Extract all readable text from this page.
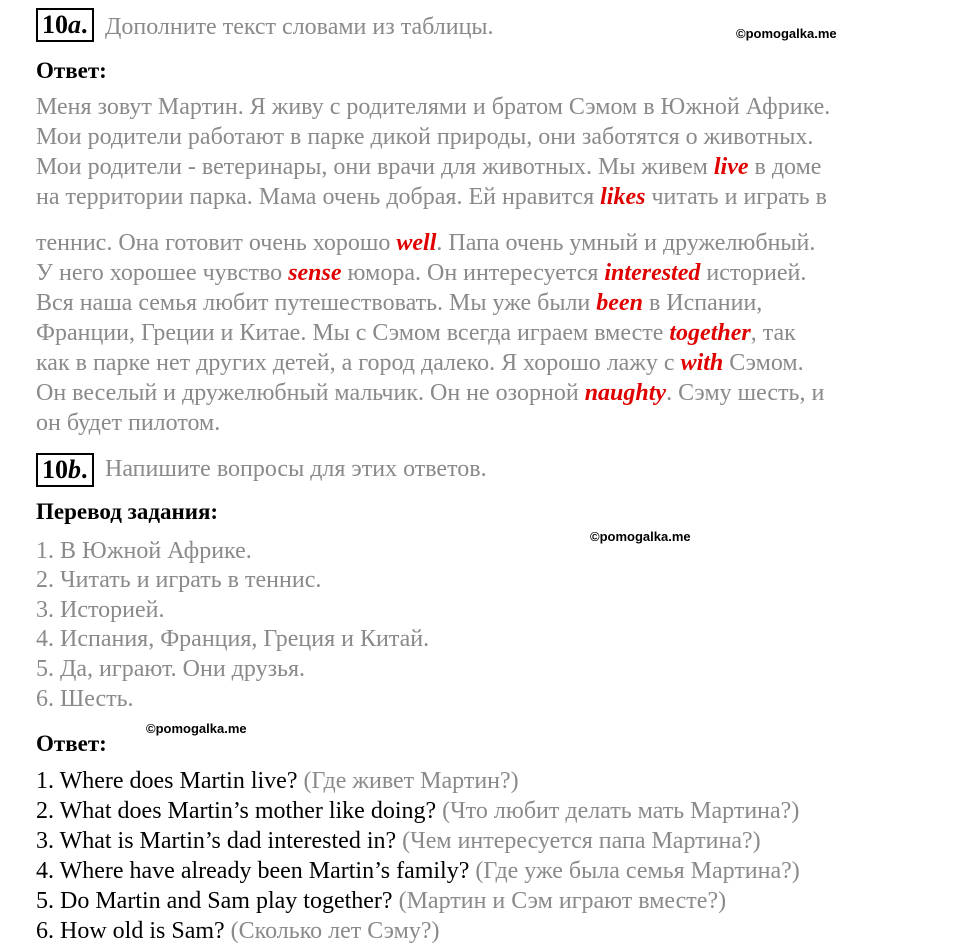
10a. Дополните текст словами из таблицы.	©pomogalka.me
Ответ:
Меня зовут Мартин. Я живу с родителями и братом Сэмом в Южной Африке.
Мои родители работают в парке дикой природы, они заботятся о животных.
Мои родители - ветеринары, они врачи для животных. Мы живем live в доме
на территории парка. Мама очень добрая. Ей нравится likes читать и играть в
теннис. Она готовит очень хорошо well. Папа очень умный и дружелюбный.
У него хорошее чувство sense юмора. Он интересуется interested историей.
Вся наша семья любит путешествовать. Мы уже были been в Испании,
Франции, Греции и Китае. Мы с Сэмом всегда играем вместе together, так
как в парке нет других детей, а город далеко. Я хорошо лажу с with Сэмом.
Он веселый и дружелюбный мальчик. Он не озорной naughty. Сэму шесть, и
он будет пилотом.
10b. Напишите вопросы для этих ответов.
Перевод задания:
©pomogalka.me
1. В Южной Африке.
2. Читать и играть в теннис.
3. Историей.
4. Испания, Франция, Греция и Китай.
5. Да, играют. Они друзья.
6. Шесть.
©pomogalka.me
Ответ:
1. Where does Martin live? (Где живет Мартин?)
2. What does Martin’s mother like doing? (Что любит делать мать Мартина?)
3. What is Martin’s dad interested in? (Чем интересуется папа Мартина?)
4. Where have already been Martin’s family? (Где уже была семья Мартина?)
5. Do Martin and Sam play together? (Мартин и Сэм играют вместе?)
6. How old is Sam? (Сколько лет Сэму?)
